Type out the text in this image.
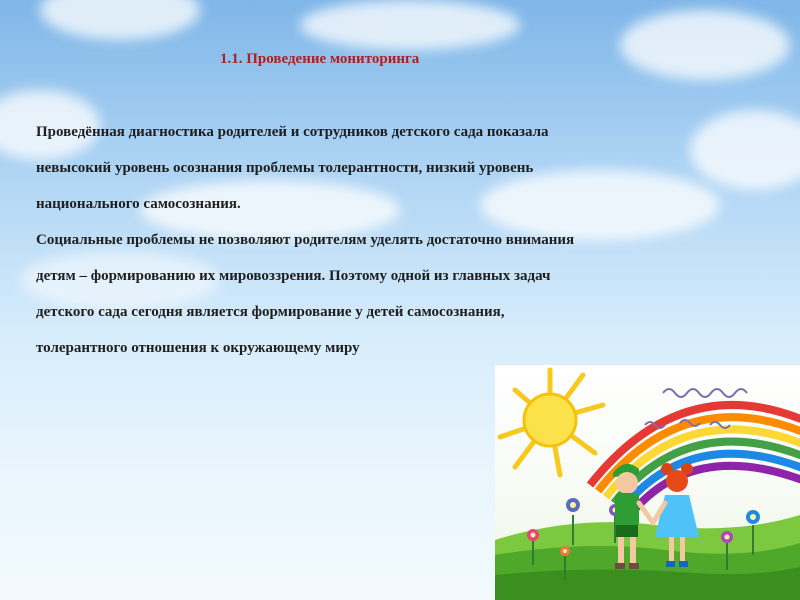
1.1. Проведение мониторинга
Проведённая диагностика родителей и сотрудников детского сада показала
невысокий уровень осознания проблемы толерантности, низкий уровень
национального самосознания.
Социальные проблемы не позволяют родителям уделять достаточно внимания
детям – формированию их мировоззрения. Поэтому одной из главных задач
детского сада сегодня является формирование у детей самосознания,
толерантного отношения к окружающему миру
